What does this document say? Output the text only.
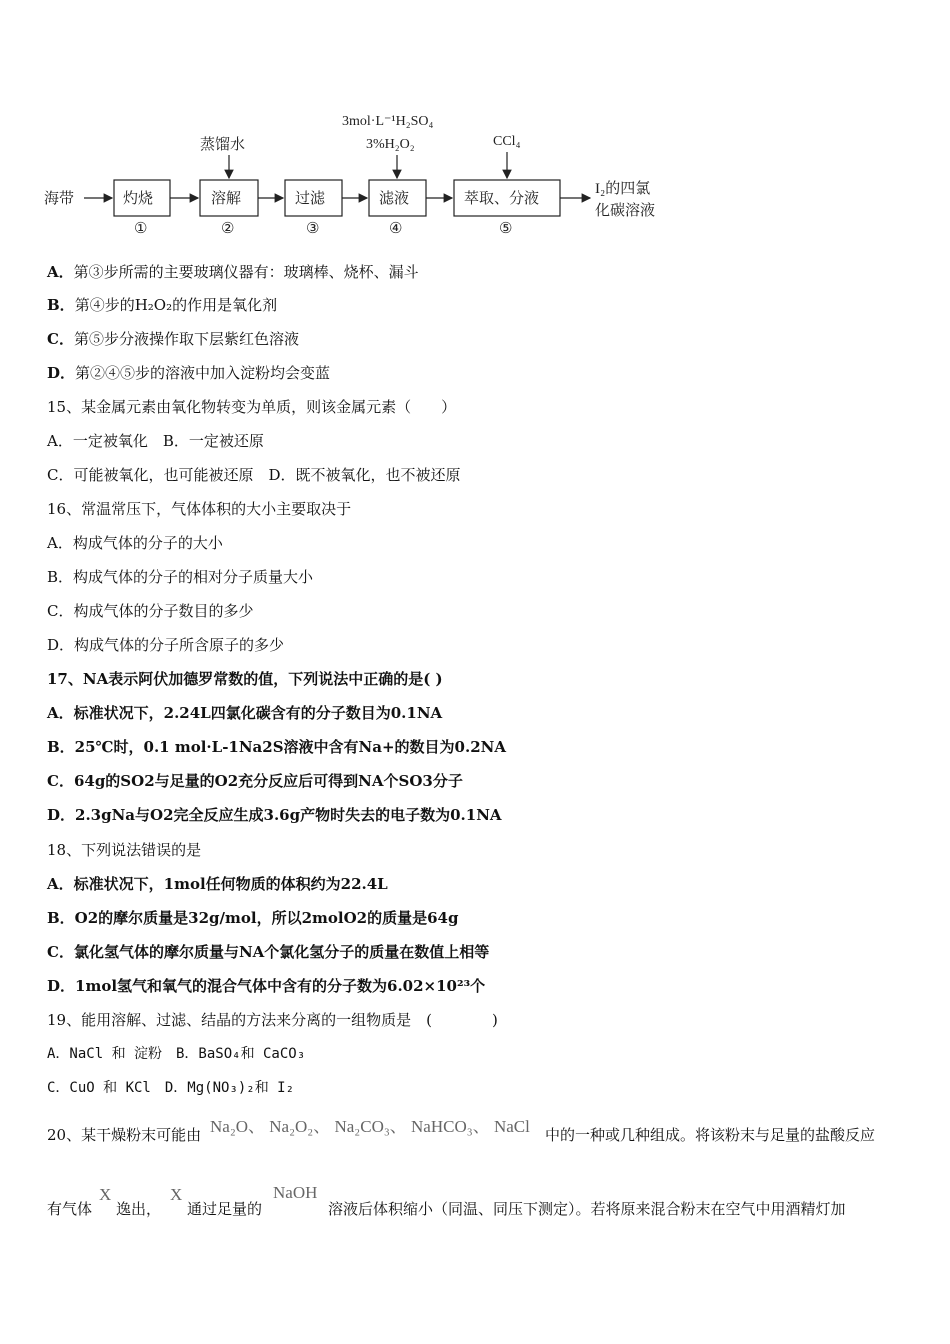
海带	灼烧	溶解	过滤	滤液	萃取、分液
①	②	③	④	⑤
蒸馏水
3mol·L⁻¹H₂SO₄
3%H₂O₂	CCl₄
I₂的四氯
化碳溶液
A．第③步所需的主要玻璃仪器有：玻璃棒、烧杯、漏斗
B．第④步的H₂O₂的作用是氧化剂
C．第⑤步分液操作取下层紫红色溶液
D．第②④⑤步的溶液中加入淀粉均会变蓝
15、某金属元素由氧化物转变为单质，则该金属元素（　　）
A．一定被氧化　B．一定被还原
C．可能被氧化，也可能被还原　D．既不被氧化，也不被还原
16、常温常压下，气体体积的大小主要取决于
A．构成气体的分子的大小
B．构成气体的分子的相对分子质量大小
C．构成气体的分子数目的多少
D．构成气体的分子所含原子的多少
17、NA表示阿伏加德罗常数的值，下列说法中正确的是( )
A．标准状况下，2.24L四氯化碳含有的分子数目为0.1NA
B．25℃时，0.1 mol·L-1Na2S溶液中含有Na+的数目为0.2NA
C．64g的SO2与足量的O2充分反应后可得到NA个SO3分子
D．2.3gNa与O2完全反应生成3.6g产物时失去的电子数为0.1NA
18、下列说法错误的是
A．标准状况下，1mol任何物质的体积约为22.4L
B．O2的摩尔质量是32g/mol，所以2molO2的质量是64g
C．氯化氢气体的摩尔质量与NA个氯化氢分子的质量在数值上相等
D．1mol氢气和氧气的混合气体中含有的分子数为6.02×10²³个
19、能用溶解、过滤、结晶的方法来分离的一组物质是　(　　　　)
A．NaCl 和 淀粉　B．BaSO₄和 CaCO₃
C．CuO 和 KCl　D．Mg(NO₃)₂和 I₂
20、某干燥粉末可能由 Na₂O、 Na₂O₂、 Na₂CO₃、 NaHCO₃、 NaCl 中的一种或几种组成。将该粉末与足量的盐酸反应
有气体
X
逸出，
X
通过足量的
NaOH
溶液后体积缩小（同温、同压下测定）。若将原来混合粉末在空气中用酒精灯加
